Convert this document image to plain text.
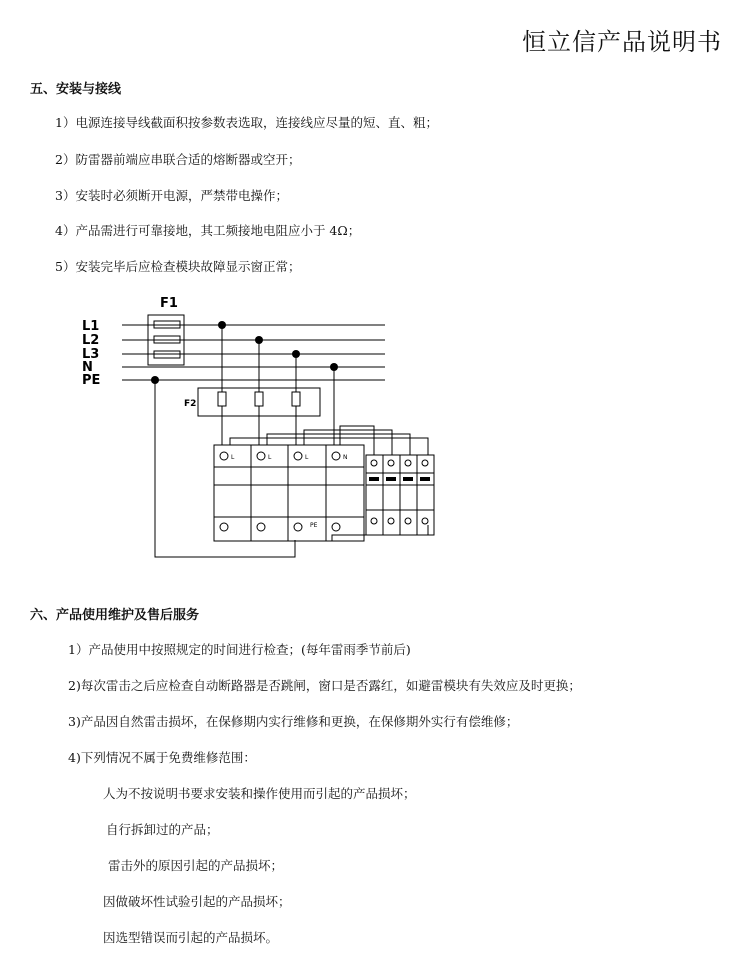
恒立信产品说明书
五、安装与接线
1）电源连接导线截面积按参数表选取，连接线应尽量的短、直、粗；
2）防雷器前端应串联合适的熔断器或空开；
3）安装时必须断开电源，严禁带电操作；
4）产品需进行可靠接地，其工频接地电阻应小于 4Ω；
5）安装完毕后应检查模块故障显示窗正常；
F1
L1
L2
L3
N
PE
F2
L	L	L	N
PE
六、产品使用维护及售后服务
1）产品使用中按照规定的时间进行检查；(每年雷雨季节前后)
2)每次雷击之后应检查自动断路器是否跳闸，窗口是否露红，如避雷模块有失效应及时更换；
3)产品因自然雷击损坏，在保修期内实行维修和更换，在保修期外实行有偿维修；
4)下列情况不属于免费维修范围：
人为不按说明书要求安装和操作使用而引起的产品损坏；
自行拆卸过的产品；
雷击外的原因引起的产品损坏；
因做破坏性试验引起的产品损坏；
因选型错误而引起的产品损坏。
